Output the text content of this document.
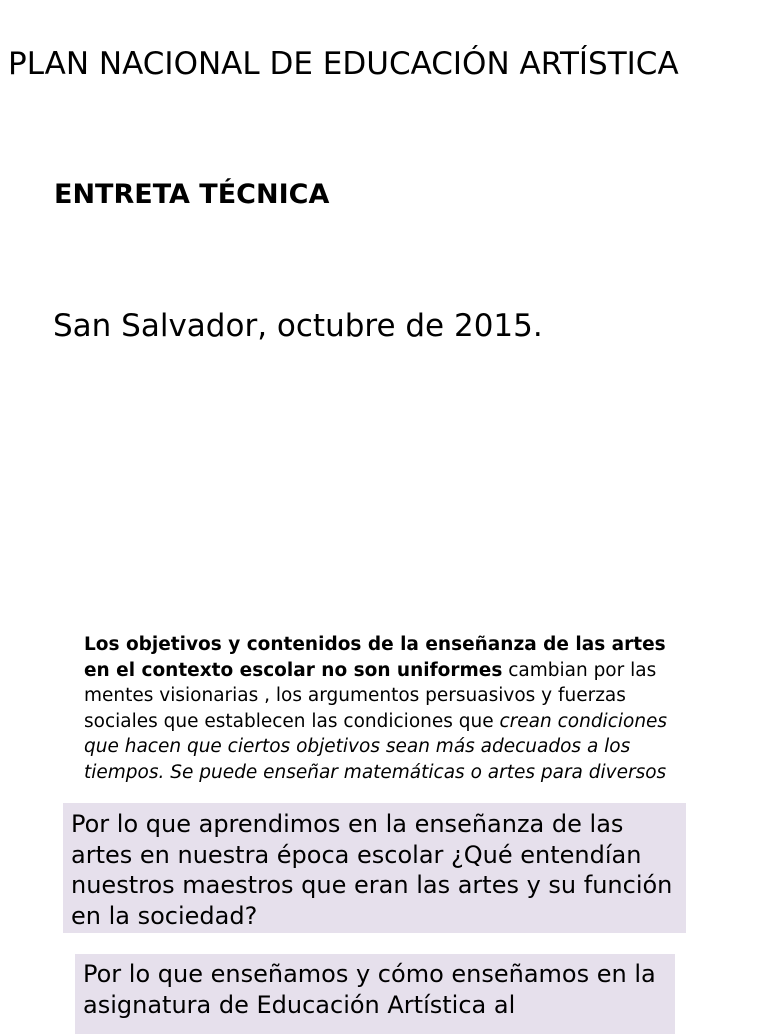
PLAN NACIONAL DE EDUCACIÓN ARTÍSTICA
ENTRETA TÉCNICA

San Salvador, octubre de 2015.

Los objetivos y contenidos de la enseñanza de las artes en el contexto escolar no son uniformes cambian por las mentes visionarias , los argumentos persuasivos y fuerzas sociales que establecen las condiciones que crean condiciones que hacen que ciertos objetivos sean más adecuados a los tiempos. Se puede enseñar matemáticas o artes para diversos

Por lo que aprendimos en la enseñanza de las artes en nuestra época escolar ¿Qué entendían nuestros maestros que eran las artes y su función en la sociedad?
Por lo que enseñamos y cómo enseñamos en la asignatura de Educación Artística al
